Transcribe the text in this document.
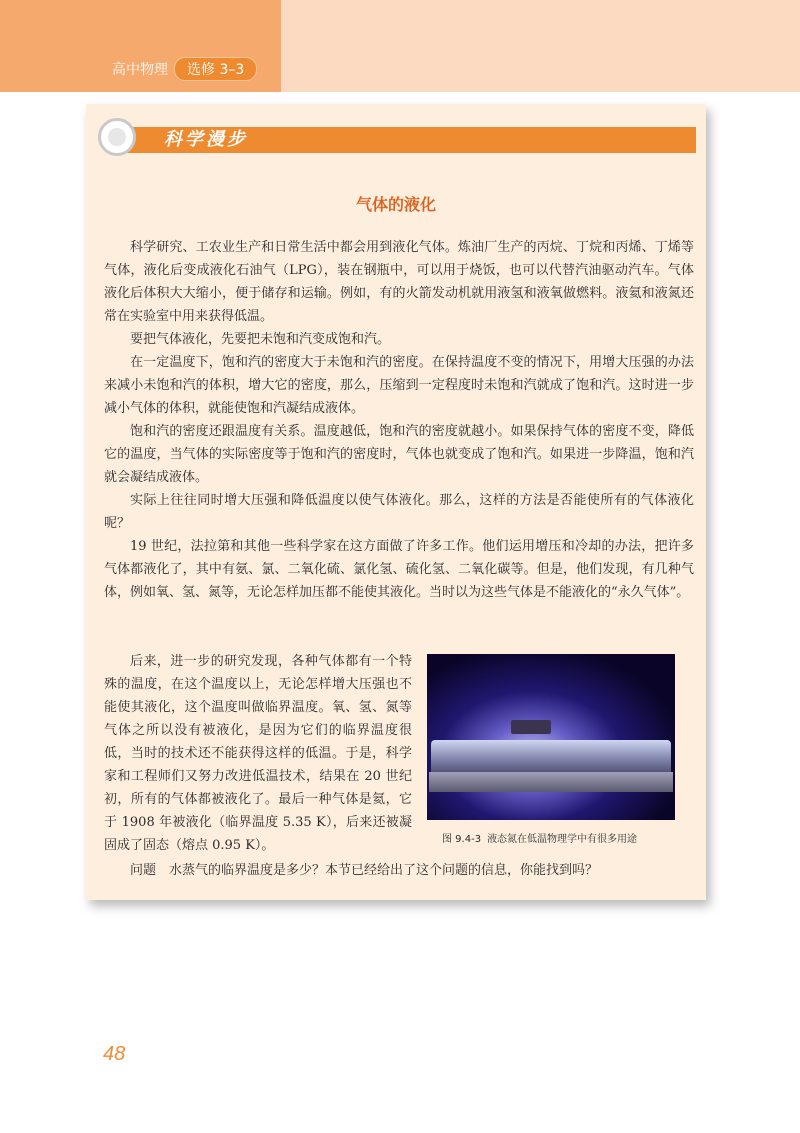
高中物理	选修 3–3
科学漫步
气体的液化

科学研究、工农业生产和日常生活中都会用到液化气体。炼油厂生产的丙烷、丁烷和丙烯、丁烯等气体，液化后变成液化石油气（LPG），装在钢瓶中，可以用于烧饭，也可以代替汽油驱动汽车。气体液化后体积大大缩小，便于储存和运输。例如，有的火箭发动机就用液氢和液氧做燃料。液氦和液氮还常在实验室中用来获得低温。

要把气体液化，先要把未饱和汽变成饱和汽。

在一定温度下，饱和汽的密度大于未饱和汽的密度。在保持温度不变的情况下，用增大压强的办法来减小未饱和汽的体积，增大它的密度，那么，压缩到一定程度时未饱和汽就成了饱和汽。这时进一步减小气体的体积，就能使饱和汽凝结成液体。

饱和汽的密度还跟温度有关系。温度越低，饱和汽的密度就越小。如果保持气体的密度不变，降低它的温度，当气体的实际密度等于饱和汽的密度时，气体也就变成了饱和汽。如果进一步降温，饱和汽就会凝结成液体。

实际上往往同时增大压强和降低温度以使气体液化。那么，这样的方法是否能使所有的气体液化呢？

19 世纪，法拉第和其他一些科学家在这方面做了许多工作。他们运用增压和冷却的办法，把许多气体都液化了，其中有氨、氯、二氧化硫、氯化氢、硫化氢、二氧化碳等。但是，他们发现，有几种气体，例如氧、氢、氮等，无论怎样加压都不能使其液化。当时以为这些气体是不能液化的“永久气体”。

后来，进一步的研究发现，各种气体都有一个特殊的温度，在这个温度以上，无论怎样增大压强也不能使其液化，这个温度叫做临界温度。氧、氢、氮等气体之所以没有被液化，是因为它们的临界温度很低，当时的技术还不能获得这样的低温。于是，科学家和工程师们又努力改进低温技术，结果在 20 世纪初，所有的气体都被液化了。最后一种气体是氦，它于 1908 年被液化（临界温度 5.35 K），后来还被凝固成了固态（熔点 0.95 K）。	图 9.4-3 液态氮在低温物理学中有很多用途

问题　水蒸气的临界温度是多少？本节已经给出了这个问题的信息，你能找到吗？

48
